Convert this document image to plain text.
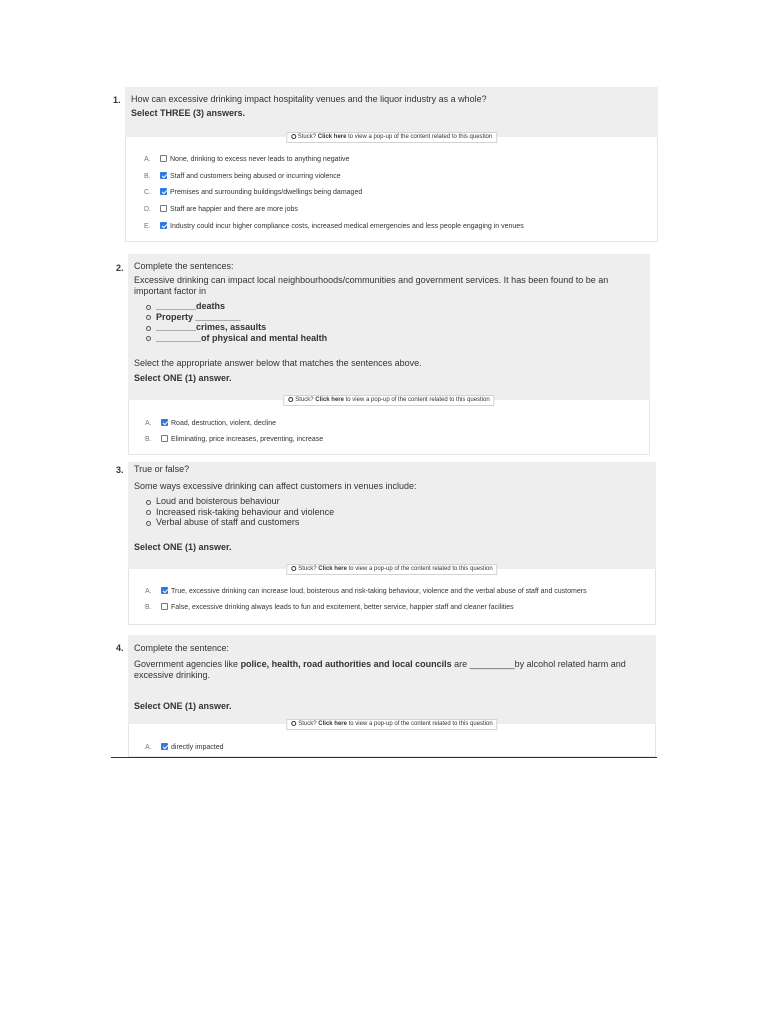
1. How can excessive drinking impact hospitality venues and the liquor industry as a whole?
Select THREE (3) answers.
Stuck? Click here to view a pop-up of the content related to this question
A.	None, drinking to excess never leads to anything negative
B.	Staff and customers being abused or incurring violence
C.	Premises and surrounding buildings/dwellings being damaged
D.	Staff are happier and there are more jobs
E.	Industry could incur higher compliance costs, increased medical emergencies and less people engaging in venues
2. Complete the sentences:
Excessive drinking can impact local neighbourhoods/communities and government services. It has been found to be an important factor in
________deaths
Property _________
________crimes, assaults
_________of physical and mental health
Select the appropriate answer below that matches the sentences above.
Select ONE (1) answer.
Stuck? Click here to view a pop-up of the content related to this question
A.	Road, destruction, violent, decline
B.	Eliminating, price increases, preventing, increase
3. True or false?
Some ways excessive drinking can affect customers in venues include:
Loud and boisterous behaviour
Increased risk-taking behaviour and violence
Verbal abuse of staff and customers
Select ONE (1) answer.
Stuck? Click here to view a pop-up of the content related to this question
A.	True, excessive drinking can increase loud, boisterous and risk-taking behaviour, violence and the verbal abuse of staff and customers
B.	False, excessive drinking always leads to fun and excitement, better service, happier staff and cleaner facilities
4. Complete the sentence:
Government agencies like police, health, road authorities and local councils are _________by alcohol related harm and excessive drinking.
Select ONE (1) answer.
Stuck? Click here to view a pop-up of the content related to this question
A.	directly impacted
